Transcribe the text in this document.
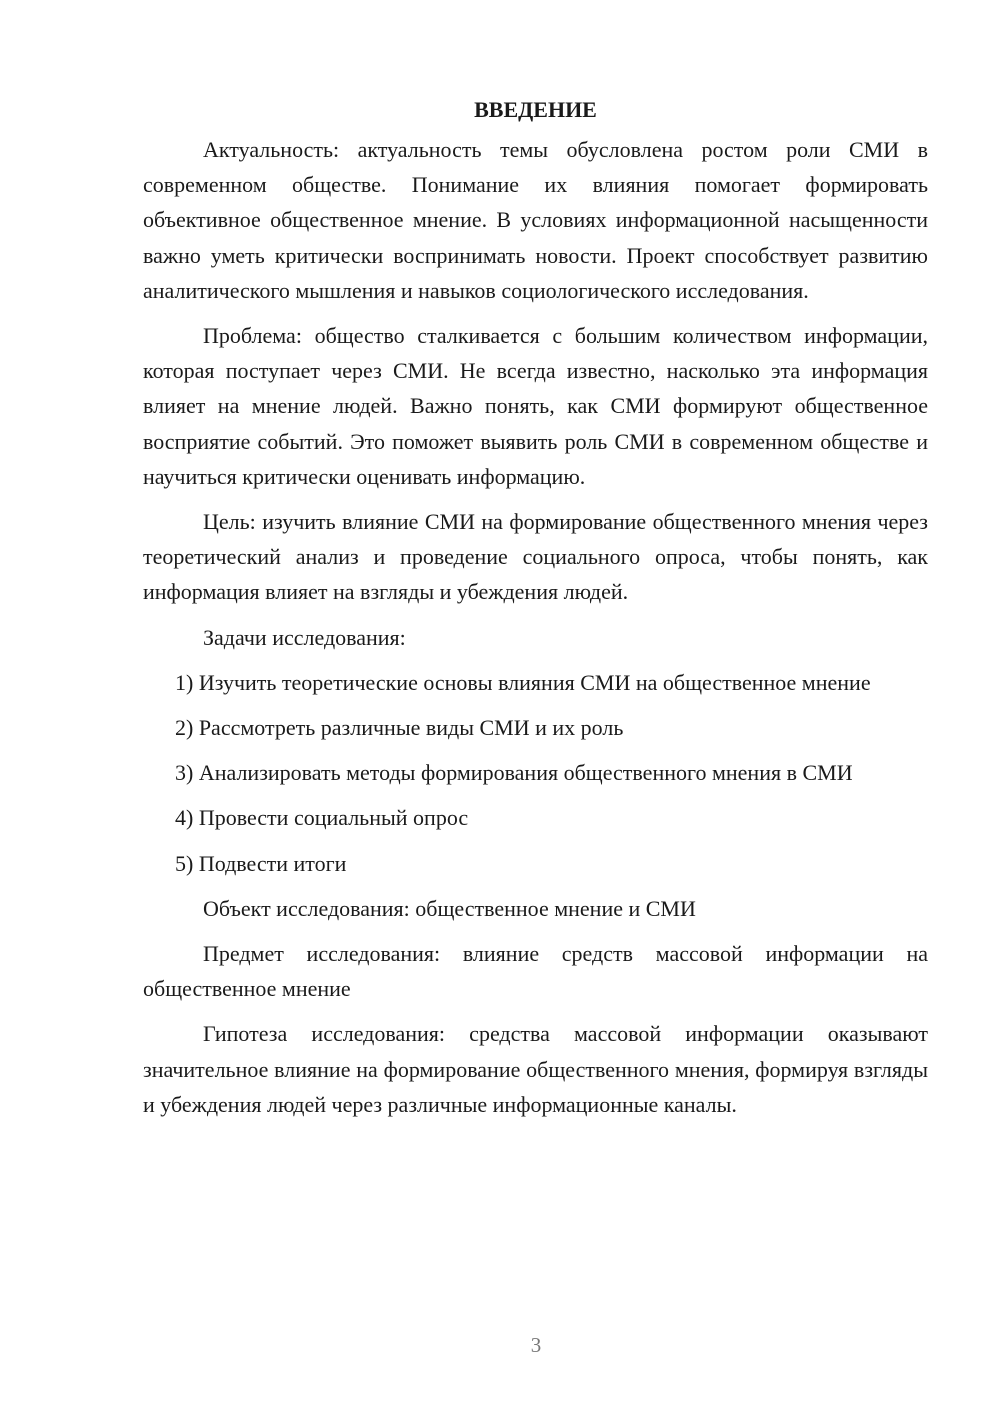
ВВЕДЕНИЕ

Актуальность: актуальность темы обусловлена ростом роли СМИ в современном обществе. Понимание их влияния помогает формировать объективное общественное мнение. В условиях информационной насыщенности важно уметь критически воспринимать новости. Проект способствует развитию аналитического мышления и навыков социологического исследования.

Проблема: общество сталкивается с большим количеством информации, которая поступает через СМИ. Не всегда известно, насколько эта информация влияет на мнение людей. Важно понять, как СМИ формируют общественное восприятие событий. Это поможет выявить роль СМИ в современном обществе и научиться критически оценивать информацию.

Цель: изучить влияние СМИ на формирование общественного мнения через теоретический анализ и проведение социального опроса, чтобы понять, как информация влияет на взгляды и убеждения людей.

Задачи исследования:

1) Изучить теоретические основы влияния СМИ на общественное мнение

2) Рассмотреть различные виды СМИ и их роль

3) Анализировать методы формирования общественного мнения в СМИ

4) Провести социальный опрос

5) Подвести итоги

Объект исследования: общественное мнение и СМИ

Предмет исследования: влияние средств массовой информации на общественное мнение

Гипотеза исследования: средства массовой информации оказывают значительное влияние на формирование общественного мнения, формируя взгляды и убеждения людей через различные информационные каналы.

3
